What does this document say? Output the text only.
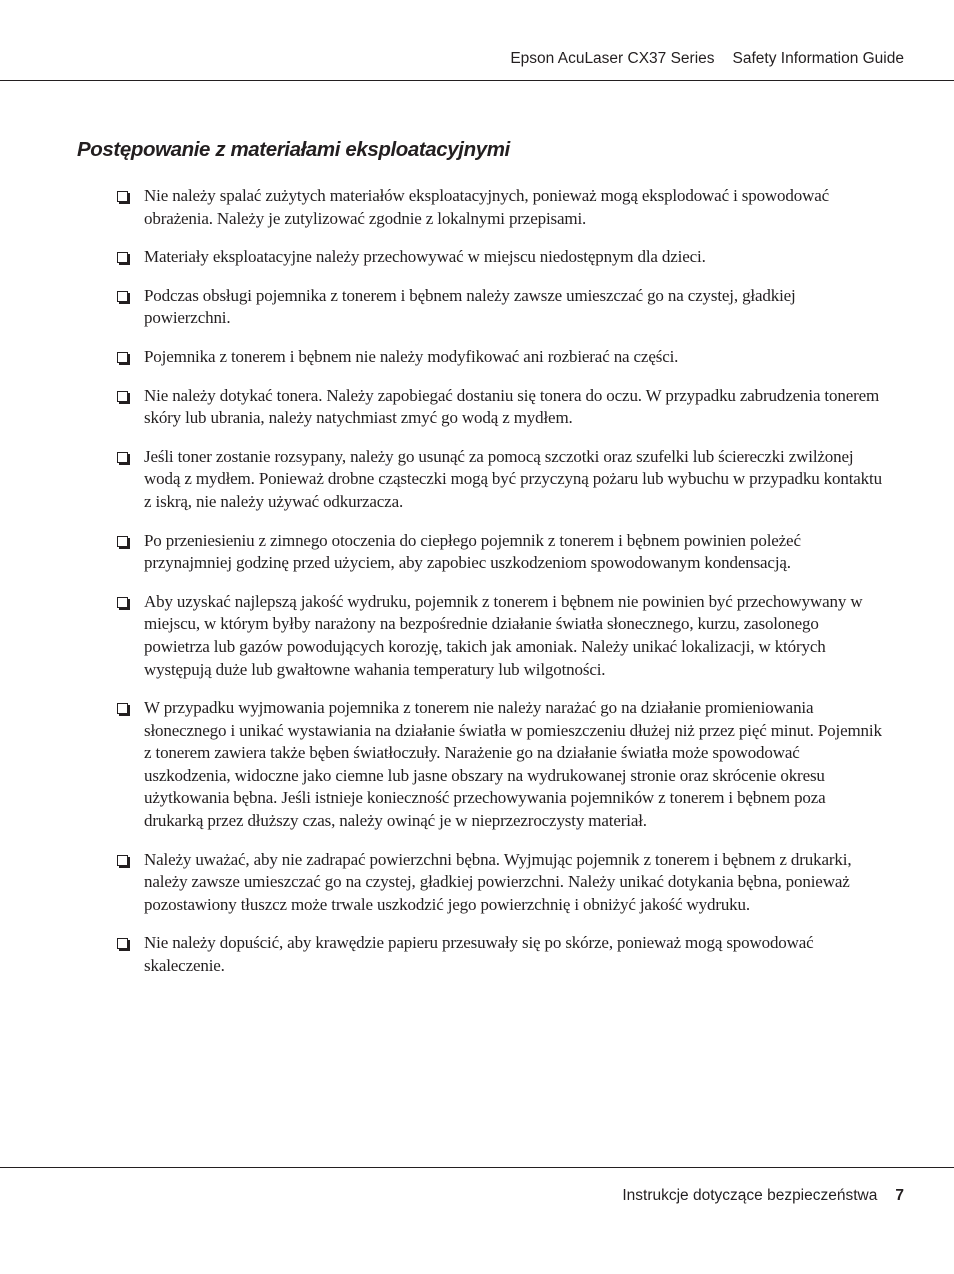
Epson AcuLaser CX37 Series Safety Information Guide
Postępowanie z materiałami eksploatacyjnymi
Nie należy spalać zużytych materiałów eksploatacyjnych, ponieważ mogą eksplodować i spowodować obrażenia. Należy je zutylizować zgodnie z lokalnymi przepisami.
Materiały eksploatacyjne należy przechowywać w miejscu niedostępnym dla dzieci.
Podczas obsługi pojemnika z tonerem i bębnem należy zawsze umieszczać go na czystej, gładkiej powierzchni.
Pojemnika z tonerem i bębnem nie należy modyfikować ani rozbierać na części.
Nie należy dotykać tonera. Należy zapobiegać dostaniu się tonera do oczu. W przypadku zabrudzenia tonerem skóry lub ubrania, należy natychmiast zmyć go wodą z mydłem.
Jeśli toner zostanie rozsypany, należy go usunąć za pomocą szczotki oraz szufelki lub ściereczki zwilżonej wodą z mydłem. Ponieważ drobne cząsteczki mogą być przyczyną pożaru lub wybuchu w przypadku kontaktu z iskrą, nie należy używać odkurzacza.
Po przeniesieniu z zimnego otoczenia do ciepłego pojemnik z tonerem i bębnem powinien poleżeć przynajmniej godzinę przed użyciem, aby zapobiec uszkodzeniom spowodowanym kondensacją.
Aby uzyskać najlepszą jakość wydruku, pojemnik z tonerem i bębnem nie powinien być przechowywany w miejscu, w którym byłby narażony na bezpośrednie działanie światła słonecznego, kurzu, zasolonego powietrza lub gazów powodujących korozję, takich jak amoniak. Należy unikać lokalizacji, w których występują duże lub gwałtowne wahania temperatury lub wilgotności.
W przypadku wyjmowania pojemnika z tonerem nie należy narażać go na działanie promieniowania słonecznego i unikać wystawiania na działanie światła w pomieszczeniu dłużej niż przez pięć minut. Pojemnik z tonerem zawiera także bęben światłoczuły. Narażenie go na działanie światła może spowodować uszkodzenia, widoczne jako ciemne lub jasne obszary na wydrukowanej stronie oraz skrócenie okresu użytkowania bębna. Jeśli istnieje konieczność przechowywania pojemników z tonerem i bębnem poza drukarką przez dłuższy czas, należy owinąć je w nieprzezroczysty materiał.
Należy uważać, aby nie zadrapać powierzchni bębna. Wyjmując pojemnik z tonerem i bębnem z drukarki, należy zawsze umieszczać go na czystej, gładkiej powierzchni. Należy unikać dotykania bębna, ponieważ pozostawiony tłuszcz może trwale uszkodzić jego powierzchnię i obniżyć jakość wydruku.
Nie należy dopuścić, aby krawędzie papieru przesuwały się po skórze, ponieważ mogą spowodować skaleczenie.
Instrukcje dotyczące bezpieczeństwa 7
